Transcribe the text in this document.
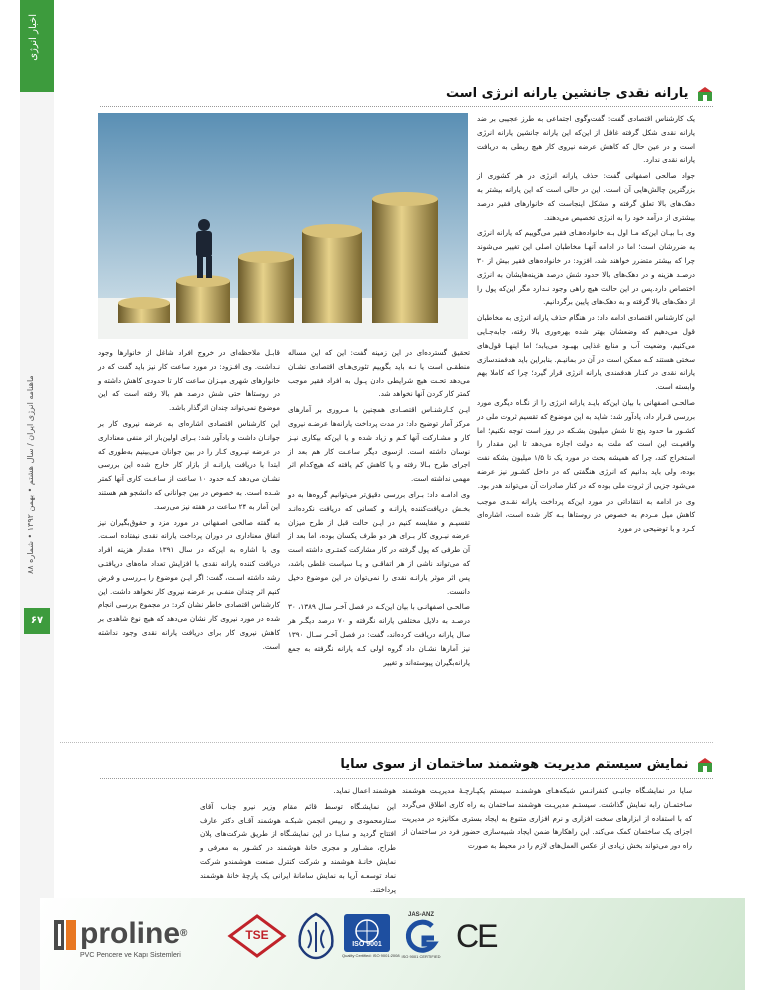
اخبار انرژی
ماهنامه انرژی ایران / سال هشتم • بهمن ۱۳۹۲ • شماره ۸۸
۶۷
یارانه نقدی جانشین یارانه انرژی است

یک کارشناس اقتصادی گفت: گفت‌وگوی اجتماعی به طرز عجیبی بر ضد یارانه نقدی شکل گرفته غافل از این‌که این یارانه جانشین یارانه انرژی است و در عین حال که کاهش عرضه نیروی کار هیچ ربطی به دریافت یارانه نقدی ندارد.

جواد صالحی اصفهانی گفت: حذف یارانه انرژی در هر کشوری از بزرگترین چالش‌هایی آن است. این در حالی است که این یارانه بیشتر به دهک‌های بالا تعلق گرفته و مشکل اینجاست که خانوارهای فقیر درصد بیشتری از درآمد خود را به انرژی تخصیص می‌دهند.

وی بـا بیـان این‌که مـا اول بـه خانواده‌هـای فقیر می‌گوییم که یارانه انرژی به ضررشان است؛ اما در ادامه آنهـا مخاطبان اصلی این تغییر می‌شوند چرا که بیشتر متضرر خواهند شد، افزود: در خانواده‌های فقیر بیش از ۳۰ درصـد هزینه و در دهک‌های بالا حدود شش درصد هزینه‌هایشان به انرژی اختصاص دارد.پس در این حالت هیچ راهی وجود نـدارد مگر این‌که پول را از دهک‌های بالا گرفته و به دهک‌های پایین برگردانیم.

این کارشناس اقتصادی ادامه داد: در هنگام حذف یارانه انرژی به مخاطبان قول می‌دهیم که وضعشان بهتر شده بهره‌وری بالا رفته، جابه‌جـایی می‌کنیم، وضعیت آب و منابع غذایی بهبـود می‌یابد؛ اما اینهـا قول‌های سختی هستند کـه ممکن است در آن در بمانیـم. بنابراین باید هدفمندسازی یارانه نقدی در کنـار هدفمندی یارانه انرژی قرار گیرد؛ چرا که کاملا بهم وابسته است.

صالحـی اصفهانی با بیان این‌که بایـد یارانه انرژی را از نگـاه دیگری مورد بررسی قـرار داد، یادآور شد: شاید به این موضوع که تقسیم ثروت ملی در کشـور ما حدود پنج تا شش میلیون بشـکه در روز است توجه نکنیم؛ اما واقعیـت این است که ملت به دولت اجازه می‌دهد تا این مقدار را استخراج کند، چرا که همیشه بحث در مورد یک تا ۱/۵ میلیون بشکه نفت بوده، ولی باید بدانیم که انرژی هنگفتی که در داخل کشـور نیز عرضه می‌شود جزیی از ثروت ملی بوده که در کنار صادرات آن می‌تواند هدر بود.

وی در ادامه به انتقاداتی در مورد این‌که پرداخت یارانه نقـدی موجب کاهش میل مـردم به خصوص در روستاها بـه کار شده است، اشاره‌ای کـرد و با توضیحی در مورد

تحقیق گسترده‌ای در این زمینه گفت: این که این مساله منطقـی است یا نـه باید بگوییم تئوری‌هـای اقتصادی نشـان می‌دهد تحـت هیچ شرایطی دادن پـول به افراد فقیر موجب کمتر کار کردن آنها نخواهد شد.

ایـن کـارشنـاس اقتصـادی همچنین با مـروری بر آمارهای مرکز آمار توضیح داد: در مدت پرداخت یارانه‌ها عرضـه نیروی کار و مشـارکت آنها کـم و زیاد شده و یا این‌که بیکاری نیـز نوسان داشته است. ازسوی دیگر ساعـت کار هم بعد از اجرای طرح بـالا رفته و یا کاهش کم یافته که هیچ‌کدام اثر مهمی نداشته است.

وی ادامـه داد: بـرای بررسی دقیق‌تر می‌توانیم گروه‌ها به دو بخـش دریافت‌کننده یارانـه و کسانی که دریافت نکرده‌انـد تقسیـم و مقایسه کنیم در ایـن حالت قبل از طرح میزان عرضه نیـروی کار بـرای هر دو طرف یکسان بوده، اما بعد از آن طرفی که پول گرفته در کار مشارکت کمتـری داشته است که می‌تواند ناشی از هر اتفاقـی و یـا سیاست غلطی باشد، پس اثر موثر یارانـه نقدی را نمی‌توان در این موضوع دخیل دانست.

صالحـی اصفهانـی با بیان این‌کـه در فصل آخـر سال ۱۳۸۹، ۳۰ درصـد به دلایل مختلفی یارانه نگرفته و ۷۰ درصد دیگـر هر سال یارانه دریافت کرده‌اند، گفت: در فصل آخـر سـال ۱۳۹۰ نیز آمارها نشـان داد گروه اولی کـه یارانه نگرفته به جمع یارانه‌بگیران پیوسته‌اند و تغییر

قابـل ملاحظه‌ای در خروج افراد شاغل از خانوارها وجود نـداشت. وی افـزود: در مورد ساعت کار نیز باید گفت که در خانوارهای شهری میـزان ساعت کار تا حدودی کاهش داشته و در روستاها حتی شش درصد هم بالا رفته است که این موضوع نمی‌تواند چندان اثرگذار باشد.

این کارشناس اقتصادی اشاره‌ای به عرضه نیروی کار بر جوانـان داشت و یادآور شد: بـرای اولین‌بار اثر منفی معناداری در عرضه نیـروی کـار را در بین جوانان می‌بینیم به‌طوری که ابتدا با دریافت یارانـه از بازار کار خارج شده این بررسی نشـان می‌دهد کـه حدود ۱۰ ساعت از ساعـت کاری آنها کمتر شـده است. به خصوص در بین جوانانی که دانشجو هم هستند این آمار به ۲۴ ساعت در هفته نیز می‌رسد.

به گفته صالحی اصفهانی در مورد مزد و حقوق‌بگیران نیز اتفاق معناداری در دوران پرداخت یارانه نقدی نیفتاده اسـت. وی با اشاره به این‌که در سال ۱۳۹۱ مقدار هزینه افراد دریافت کننده یارانه نقدی با افزایش تعداد ماه‌های دریافتـی رشد داشته اسـت، گفت: اگر ایـن موضوع را بـررسی و فرض کنیم اثر چندان منفـی بر عرضه نیروی کار نخواهد داشت. این کارشناس اقتصادی خاطر نشان کرد: در مجموع بررسی انجام شده در مورد نیروی کار نشان می‌دهد که هیچ نوع شاهدی بر کاهش نیروی کار برای دریافت یارانه نقدی وجود نداشته است.

نمایش سیستم مدیریت هوشمند ساختمان از سوی سایا

سایا در نمایشـگاه جانبـی کنفرانـس شبکه‌هـای هوشمنـد سیستم یکپـارچـۀ مدیریـت هوشمند ساختمـان رابه نمایش گذاشت. سیستـم مدیریـت هوشمند ساختمان به راه کاری اطلاق می‌گردد که با استفاده از ابزارهای سخت افزاری و نرم افزاری متنوع به ایجاد بستری مکانیزه در مدیریت اجزای یک ساختمان کمک می‌کند. این راهکارها ضمن ایجاد شبیه‌سازی حضور فرد در ساختمان از راه دور می‌تواند بخش زیادی از عکس العمل‌های لازم را در محیط به صورت

هوشمند اعمال نماید.

این نمایشـگاه توسط قائم مقام وزیر نیرو جناب آقای ستارمحمودی و رییس انجمن شبکـه هوشمند آقـای دکتر عارف افتتاح گردید و سایـا در این نمایشـگاه از طریق شرکت‌های پلان طراح، مشـاور و مجری خانۀ هوشمند در کشـور به معرفی و نمایش خانـۀ هوشمند و شرکت کنترل صنعت هوشمندو شرکت نماد توسعـه آریا به نمایش سامانۀ ایرانی یک پارچۀ خانۀ هوشمند پرداختند.

proline®
PVC Pencere ve Kapı Sistemleri
TSE
ISO 9001
Quality Certified: ISO 9001:2008
JAS-ANZ
ISO 9001 CERTIFIED
CE
